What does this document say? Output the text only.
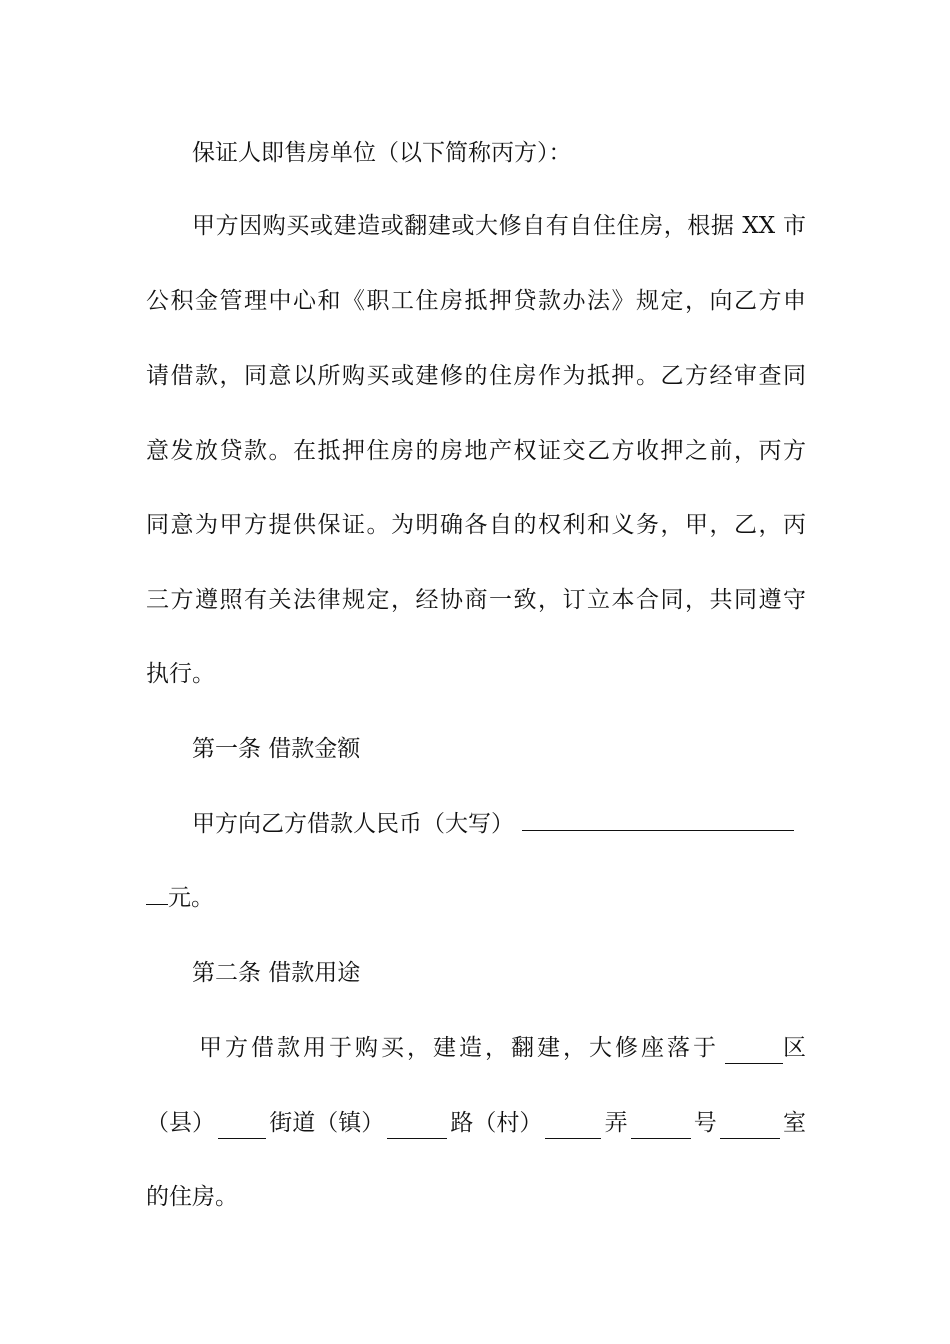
保证人即售房单位（以下简称丙方）：
甲方因购买或建造或翻建或大修自有自住住房，根据 XX 市
公积金管理中心和《职工住房抵押贷款办法》规定，向乙方申
请借款，同意以所购买或建修的住房作为抵押。乙方经审查同
意发放贷款。在抵押住房的房地产权证交乙方收押之前，丙方
同意为甲方提供保证。为明确各自的权利和义务，甲，乙，丙
三方遵照有关法律规定，经协商一致，订立本合同，共同遵守
执行。
第一条 借款金额
甲方向乙方借款人民币（大写）
元。
第二条 借款用途
甲方借款用于购买，建造，翻建，大修座落于	区
（县） 街道（镇）	路（村）	弄	号	室
的住房。
